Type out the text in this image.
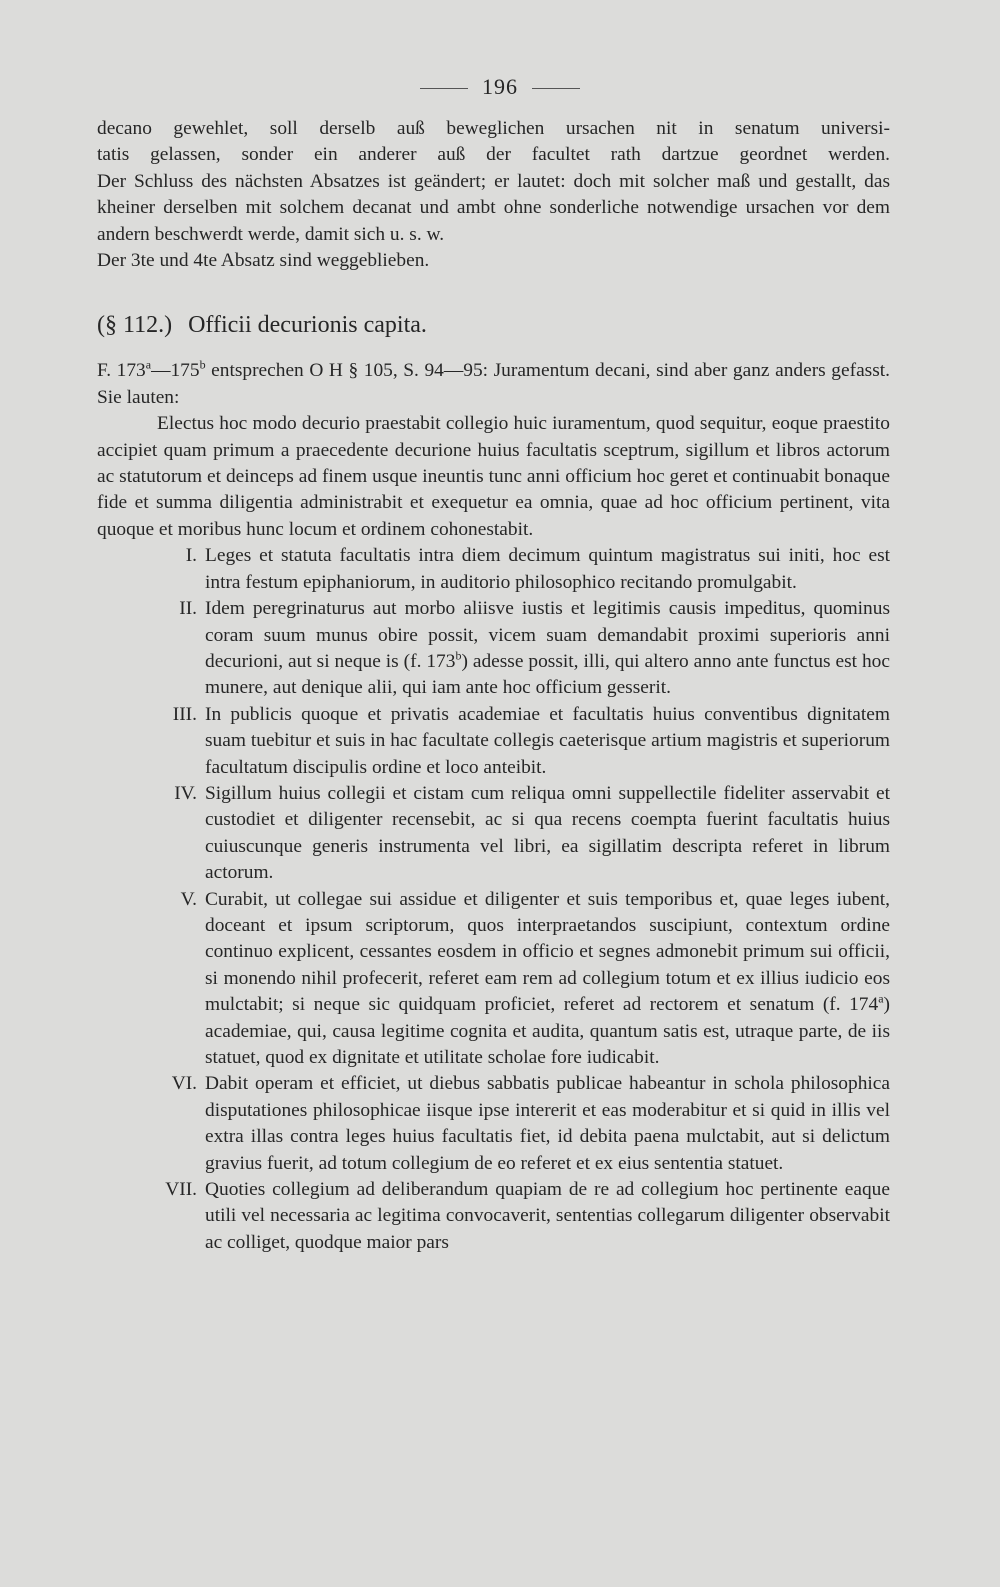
196

decano gewehlet, soll derselb auß beweglichen ursachen nit in senatum universi-

tatis gelassen, sonder ein anderer auß der facultet rath dartzue geordnet werden.

Der Schluss des nächsten Absatzes ist geändert; er lautet: doch mit solcher maß und gestallt, das kheiner derselben mit solchem decanat und ambt ohne sonderliche notwendige ursachen vor dem andern beschwerdt werde, damit sich u. s. w.

Der 3te und 4te Absatz sind weggeblieben.

(§ 112.) Officii decurionis capita.

F. 173$^a$—175$^b$ entsprechen O H § 105, S. 94—95: Juramentum decani, sind aber ganz anders gefasst. Sie lauten:

Electus hoc modo decurio praestabit collegio huic iuramentum, quod sequitur, eoque praestito accipiet quam primum a praecedente decurione huius facultatis sceptrum, sigillum et libros actorum ac statutorum et deinceps ad finem usque ineuntis tunc anni officium hoc geret et continuabit bonaque fide et summa diligentia administrabit et exequetur ea omnia, quae ad hoc officium pertinent, vita quoque et moribus hunc locum et ordinem cohonestabit.

I. Leges et statuta facultatis intra diem decimum quintum magistratus sui initi, hoc est intra festum epiphaniorum, in auditorio philosophico recitando promulgabit.
II. Idem peregrinaturus aut morbo aliisve iustis et legitimis causis impeditus, quominus coram suum munus obire possit, vicem suam demandabit proximi superioris anni decurioni, aut si neque is (f. 173$^b$) adesse possit, illi, qui altero anno ante functus est hoc munere, aut denique alii, qui iam ante hoc officium gesserit.
III. In publicis quoque et privatis academiae et facultatis huius conventibus dignitatem suam tuebitur et suis in hac facultate collegis caeterisque artium magistris et superiorum facultatum discipulis ordine et loco anteibit.
IV. Sigillum huius collegii et cistam cum reliqua omni suppellectile fideliter asservabit et custodiet et diligenter recensebit, ac si qua recens coempta fuerint facultatis huius cuiuscunque generis instrumenta vel libri, ea sigillatim descripta referet in librum actorum.
V. Curabit, ut collegae sui assidue et diligenter et suis temporibus et, quae leges iubent, doceant et ipsum scriptorum, quos interpraetandos suscipiunt, contextum ordine continuo explicent, cessantes eosdem in officio et segnes admonebit primum sui officii, si monendo nihil profecerit, referet eam rem ad collegium totum et ex illius iudicio eos mulctabit; si neque sic quidquam proficiet, referet ad rectorem et senatum (f. 174$^a$) academiae, qui, causa legitime cognita et audita, quantum satis est, utraque parte, de iis statuet, quod ex dignitate et utilitate scholae fore iudicabit.
VI. Dabit operam et efficiet, ut diebus sabbatis publicae habeantur in schola philosophica disputationes philosophicae iisque ipse intererit et eas moderabitur et si quid in illis vel extra illas contra leges huius facultatis fiet, id debita paena mulctabit, aut si delictum gravius fuerit, ad totum collegium de eo referet et ex eius sententia statuet.
VII. Quoties collegium ad deliberandum quapiam de re ad collegium hoc pertinente eaque utili vel necessaria ac legitima convocaverit, sententias collegarum diligenter observabit ac colliget, quodque maior pars
